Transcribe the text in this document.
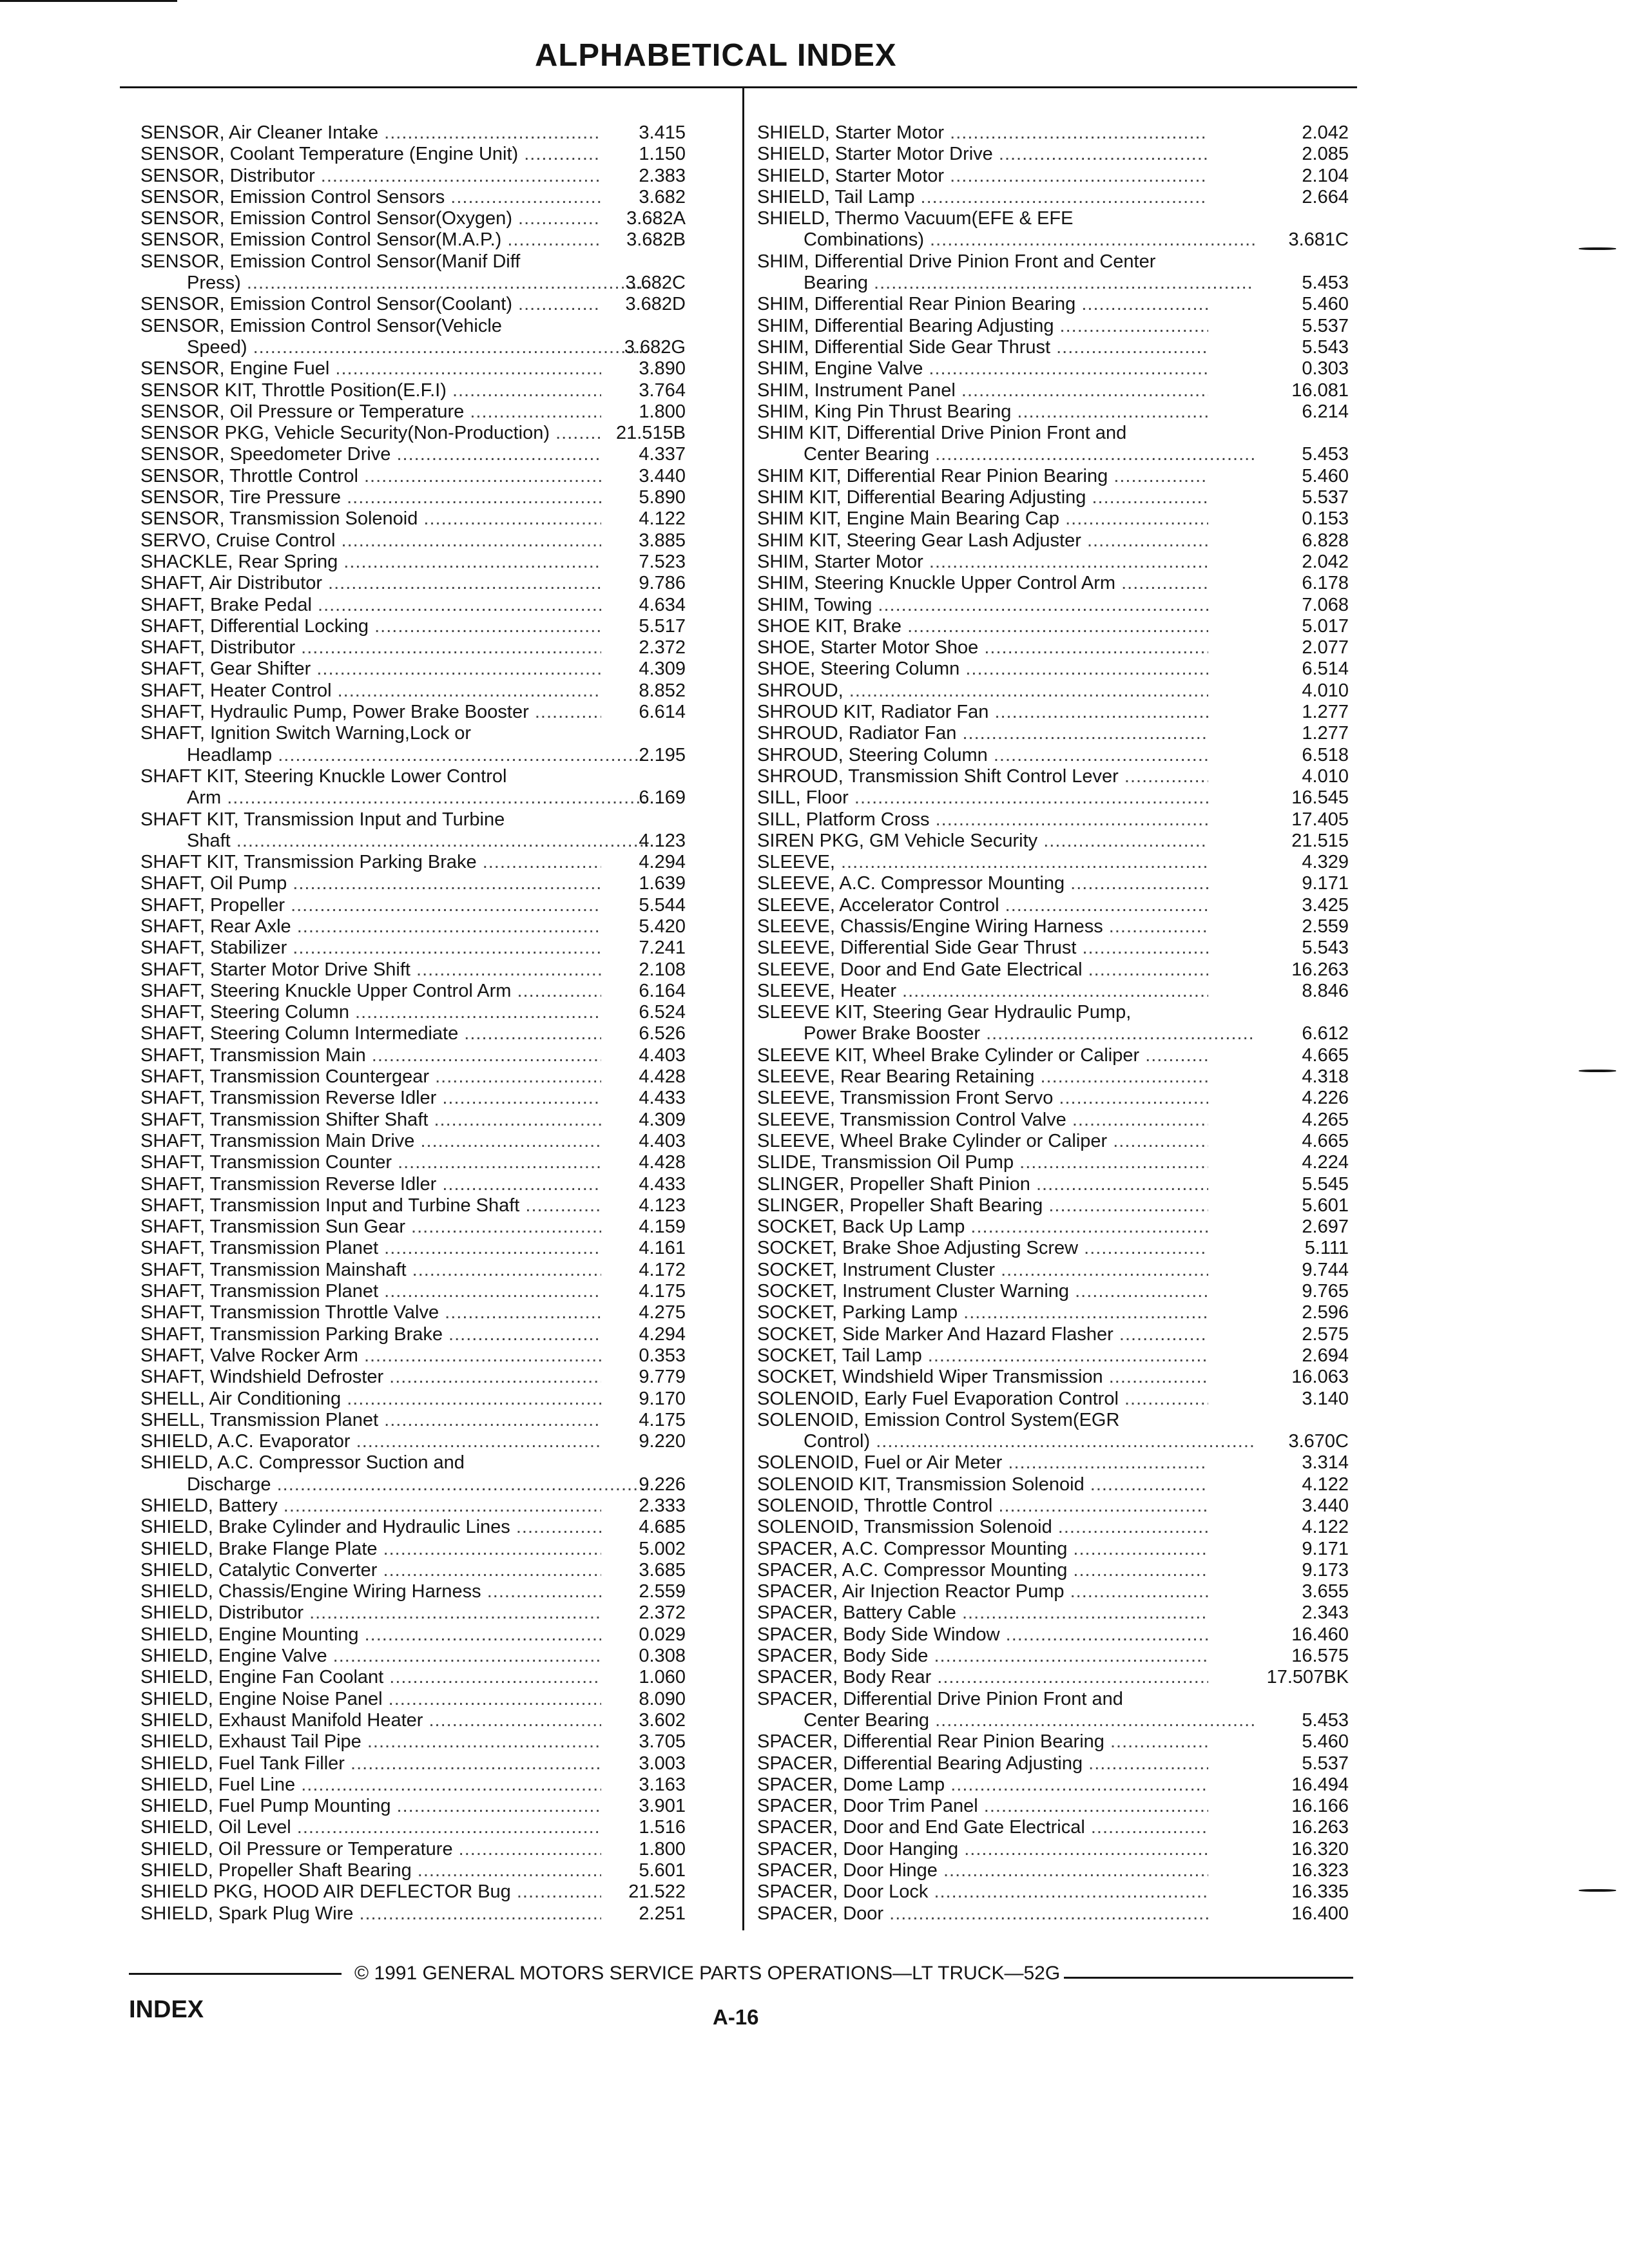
ALPHABETICAL INDEX
SENSOR, Air Cleaner Intake .....	3.415
SENSOR, Coolant Temperature (Engine Unit) .....	1.150
SENSOR, Distributor .....	2.383
SENSOR, Emission Control Sensors .....	3.682
SENSOR, Emission Control Sensor(Oxygen) .....	3.682A
SENSOR, Emission Control Sensor(M.A.P.) .....	3.682B
SENSOR, Emission Control Sensor(Manif Diff
Press) .....	3.682C
SENSOR, Emission Control Sensor(Coolant) .....	3.682D
SENSOR, Emission Control Sensor(Vehicle
Speed) .....	3.682G
SENSOR, Engine Fuel .....	3.890
SENSOR KIT, Throttle Position(E.F.I) .....	3.764
SENSOR, Oil Pressure or Temperature .....	1.800
SENSOR PKG, Vehicle Security(Non-Production) .....	21.515B
SENSOR, Speedometer Drive .....	4.337
SENSOR, Throttle Control .....	3.440
SENSOR, Tire Pressure .....	5.890
SENSOR, Transmission Solenoid .....	4.122
SERVO, Cruise Control .....	3.885
SHACKLE, Rear Spring .....	7.523
SHAFT, Air Distributor .....	9.786
SHAFT, Brake Pedal .....	4.634
SHAFT, Differential Locking .....	5.517
SHAFT, Distributor .....	2.372
SHAFT, Gear Shifter .....	4.309
SHAFT, Heater Control .....	8.852
SHAFT, Hydraulic Pump, Power Brake Booster .....	6.614
SHAFT, Ignition Switch Warning,Lock or
Headlamp .....	2.195
SHAFT KIT, Steering Knuckle Lower Control
Arm .....	6.169
SHAFT KIT, Transmission Input and Turbine
Shaft .....	4.123
SHAFT KIT, Transmission Parking Brake .....	4.294
SHAFT, Oil Pump .....	1.639
SHAFT, Propeller .....	5.544
SHAFT, Rear Axle .....	5.420
SHAFT, Stabilizer .....	7.241
SHAFT, Starter Motor Drive Shift .....	2.108
SHAFT, Steering Knuckle Upper Control Arm .....	6.164
SHAFT, Steering Column .....	6.524
SHAFT, Steering Column Intermediate .....	6.526
SHAFT, Transmission Main .....	4.403
SHAFT, Transmission Countergear .....	4.428
SHAFT, Transmission Reverse Idler .....	4.433
SHAFT, Transmission Shifter Shaft .....	4.309
SHAFT, Transmission Main Drive .....	4.403
SHAFT, Transmission Counter .....	4.428
SHAFT, Transmission Reverse Idler .....	4.433
SHAFT, Transmission Input and Turbine Shaft .....	4.123
SHAFT, Transmission Sun Gear .....	4.159
SHAFT, Transmission Planet .....	4.161
SHAFT, Transmission Mainshaft .....	4.172
SHAFT, Transmission Planet .....	4.175
SHAFT, Transmission Throttle Valve .....	4.275
SHAFT, Transmission Parking Brake .....	4.294
SHAFT, Valve Rocker Arm .....	0.353
SHAFT, Windshield Defroster .....	9.779
SHELL, Air Conditioning .....	9.170
SHELL, Transmission Planet .....	4.175
SHIELD, A.C. Evaporator .....	9.220
SHIELD, A.C. Compressor Suction and
Discharge .....	9.226
SHIELD, Battery .....	2.333
SHIELD, Brake Cylinder and Hydraulic Lines .....	4.685
SHIELD, Brake Flange Plate .....	5.002
SHIELD, Catalytic Converter .....	3.685
SHIELD, Chassis/Engine Wiring Harness .....	2.559
SHIELD, Distributor .....	2.372
SHIELD, Engine Mounting .....	0.029
SHIELD, Engine Valve .....	0.308
SHIELD, Engine Fan Coolant .....	1.060
SHIELD, Engine Noise Panel .....	8.090
SHIELD, Exhaust Manifold Heater .....	3.602
SHIELD, Exhaust Tail Pipe .....	3.705
SHIELD, Fuel Tank Filler .....	3.003
SHIELD, Fuel Line .....	3.163
SHIELD, Fuel Pump Mounting .....	3.901
SHIELD, Oil Level .....	1.516
SHIELD, Oil Pressure or Temperature .....	1.800
SHIELD, Propeller Shaft Bearing .....	5.601
SHIELD PKG, HOOD AIR DEFLECTOR Bug .....	21.522
SHIELD, Spark Plug Wire .....	2.251
SHIELD, Starter Motor .....	2.042
SHIELD, Starter Motor Drive .....	2.085
SHIELD, Starter Motor .....	2.104
SHIELD, Tail Lamp .....	2.664
SHIELD, Thermo Vacuum(EFE & EFE
Combinations) .....	3.681C
SHIM, Differential Drive Pinion Front and Center
Bearing .....	5.453
SHIM, Differential Rear Pinion Bearing .....	5.460
SHIM, Differential Bearing Adjusting .....	5.537
SHIM, Differential Side Gear Thrust .....	5.543
SHIM, Engine Valve .....	0.303
SHIM, Instrument Panel .....	16.081
SHIM, King Pin Thrust Bearing .....	6.214
SHIM KIT, Differential Drive Pinion Front and
Center Bearing .....	5.453
SHIM KIT, Differential Rear Pinion Bearing .....	5.460
SHIM KIT, Differential Bearing Adjusting .....	5.537
SHIM KIT, Engine Main Bearing Cap .....	0.153
SHIM KIT, Steering Gear Lash Adjuster .....	6.828
SHIM, Starter Motor .....	2.042
SHIM, Steering Knuckle Upper Control Arm .....	6.178
SHIM, Towing .....	7.068
SHOE KIT, Brake .....	5.017
SHOE, Starter Motor Shoe .....	2.077
SHOE, Steering Column .....	6.514
SHROUD, .....	4.010
SHROUD KIT, Radiator Fan .....	1.277
SHROUD, Radiator Fan .....	1.277
SHROUD, Steering Column .....	6.518
SHROUD, Transmission Shift Control Lever .....	4.010
SILL, Floor .....	16.545
SILL, Platform Cross .....	17.405
SIREN PKG, GM Vehicle Security .....	21.515
SLEEVE, .....	4.329
SLEEVE, A.C. Compressor Mounting .....	9.171
SLEEVE, Accelerator Control .....	3.425
SLEEVE, Chassis/Engine Wiring Harness .....	2.559
SLEEVE, Differential Side Gear Thrust .....	5.543
SLEEVE, Door and End Gate Electrical .....	16.263
SLEEVE, Heater .....	8.846
SLEEVE KIT, Steering Gear Hydraulic Pump,
Power Brake Booster .....	6.612
SLEEVE KIT, Wheel Brake Cylinder or Caliper .....	4.665
SLEEVE, Rear Bearing Retaining .....	4.318
SLEEVE, Transmission Front Servo .....	4.226
SLEEVE, Transmission Control Valve .....	4.265
SLEEVE, Wheel Brake Cylinder or Caliper .....	4.665
SLIDE, Transmission Oil Pump .....	4.224
SLINGER, Propeller Shaft Pinion .....	5.545
SLINGER, Propeller Shaft Bearing .....	5.601
SOCKET, Back Up Lamp .....	2.697
SOCKET, Brake Shoe Adjusting Screw .....	5.111
SOCKET, Instrument Cluster .....	9.744
SOCKET, Instrument Cluster Warning .....	9.765
SOCKET, Parking Lamp .....	2.596
SOCKET, Side Marker And Hazard Flasher .....	2.575
SOCKET, Tail Lamp .....	2.694
SOCKET, Windshield Wiper Transmission .....	16.063
SOLENOID, Early Fuel Evaporation Control .....	3.140
SOLENOID, Emission Control System(EGR
Control) .....	3.670C
SOLENOID, Fuel or Air Meter .....	3.314
SOLENOID KIT, Transmission Solenoid .....	4.122
SOLENOID, Throttle Control .....	3.440
SOLENOID, Transmission Solenoid .....	4.122
SPACER, A.C. Compressor Mounting .....	9.171
SPACER, A.C. Compressor Mounting .....	9.173
SPACER, Air Injection Reactor Pump .....	3.655
SPACER, Battery Cable .....	2.343
SPACER, Body Side Window .....	16.460
SPACER, Body Side .....	16.575
SPACER, Body Rear .....	17.507BK
SPACER, Differential Drive Pinion Front and
Center Bearing .....	5.453
SPACER, Differential Rear Pinion Bearing .....	5.460
SPACER, Differential Bearing Adjusting .....	5.537
SPACER, Dome Lamp .....	16.494
SPACER, Door Trim Panel .....	16.166
SPACER, Door and End Gate Electrical .....	16.263
SPACER, Door Hanging .....	16.320
SPACER, Door Hinge .....	16.323
SPACER, Door Lock .....	16.335
SPACER, Door .....	16.400
© 1991 GENERAL MOTORS SERVICE PARTS OPERATIONS—LT TRUCK—52G
INDEX	A-16
